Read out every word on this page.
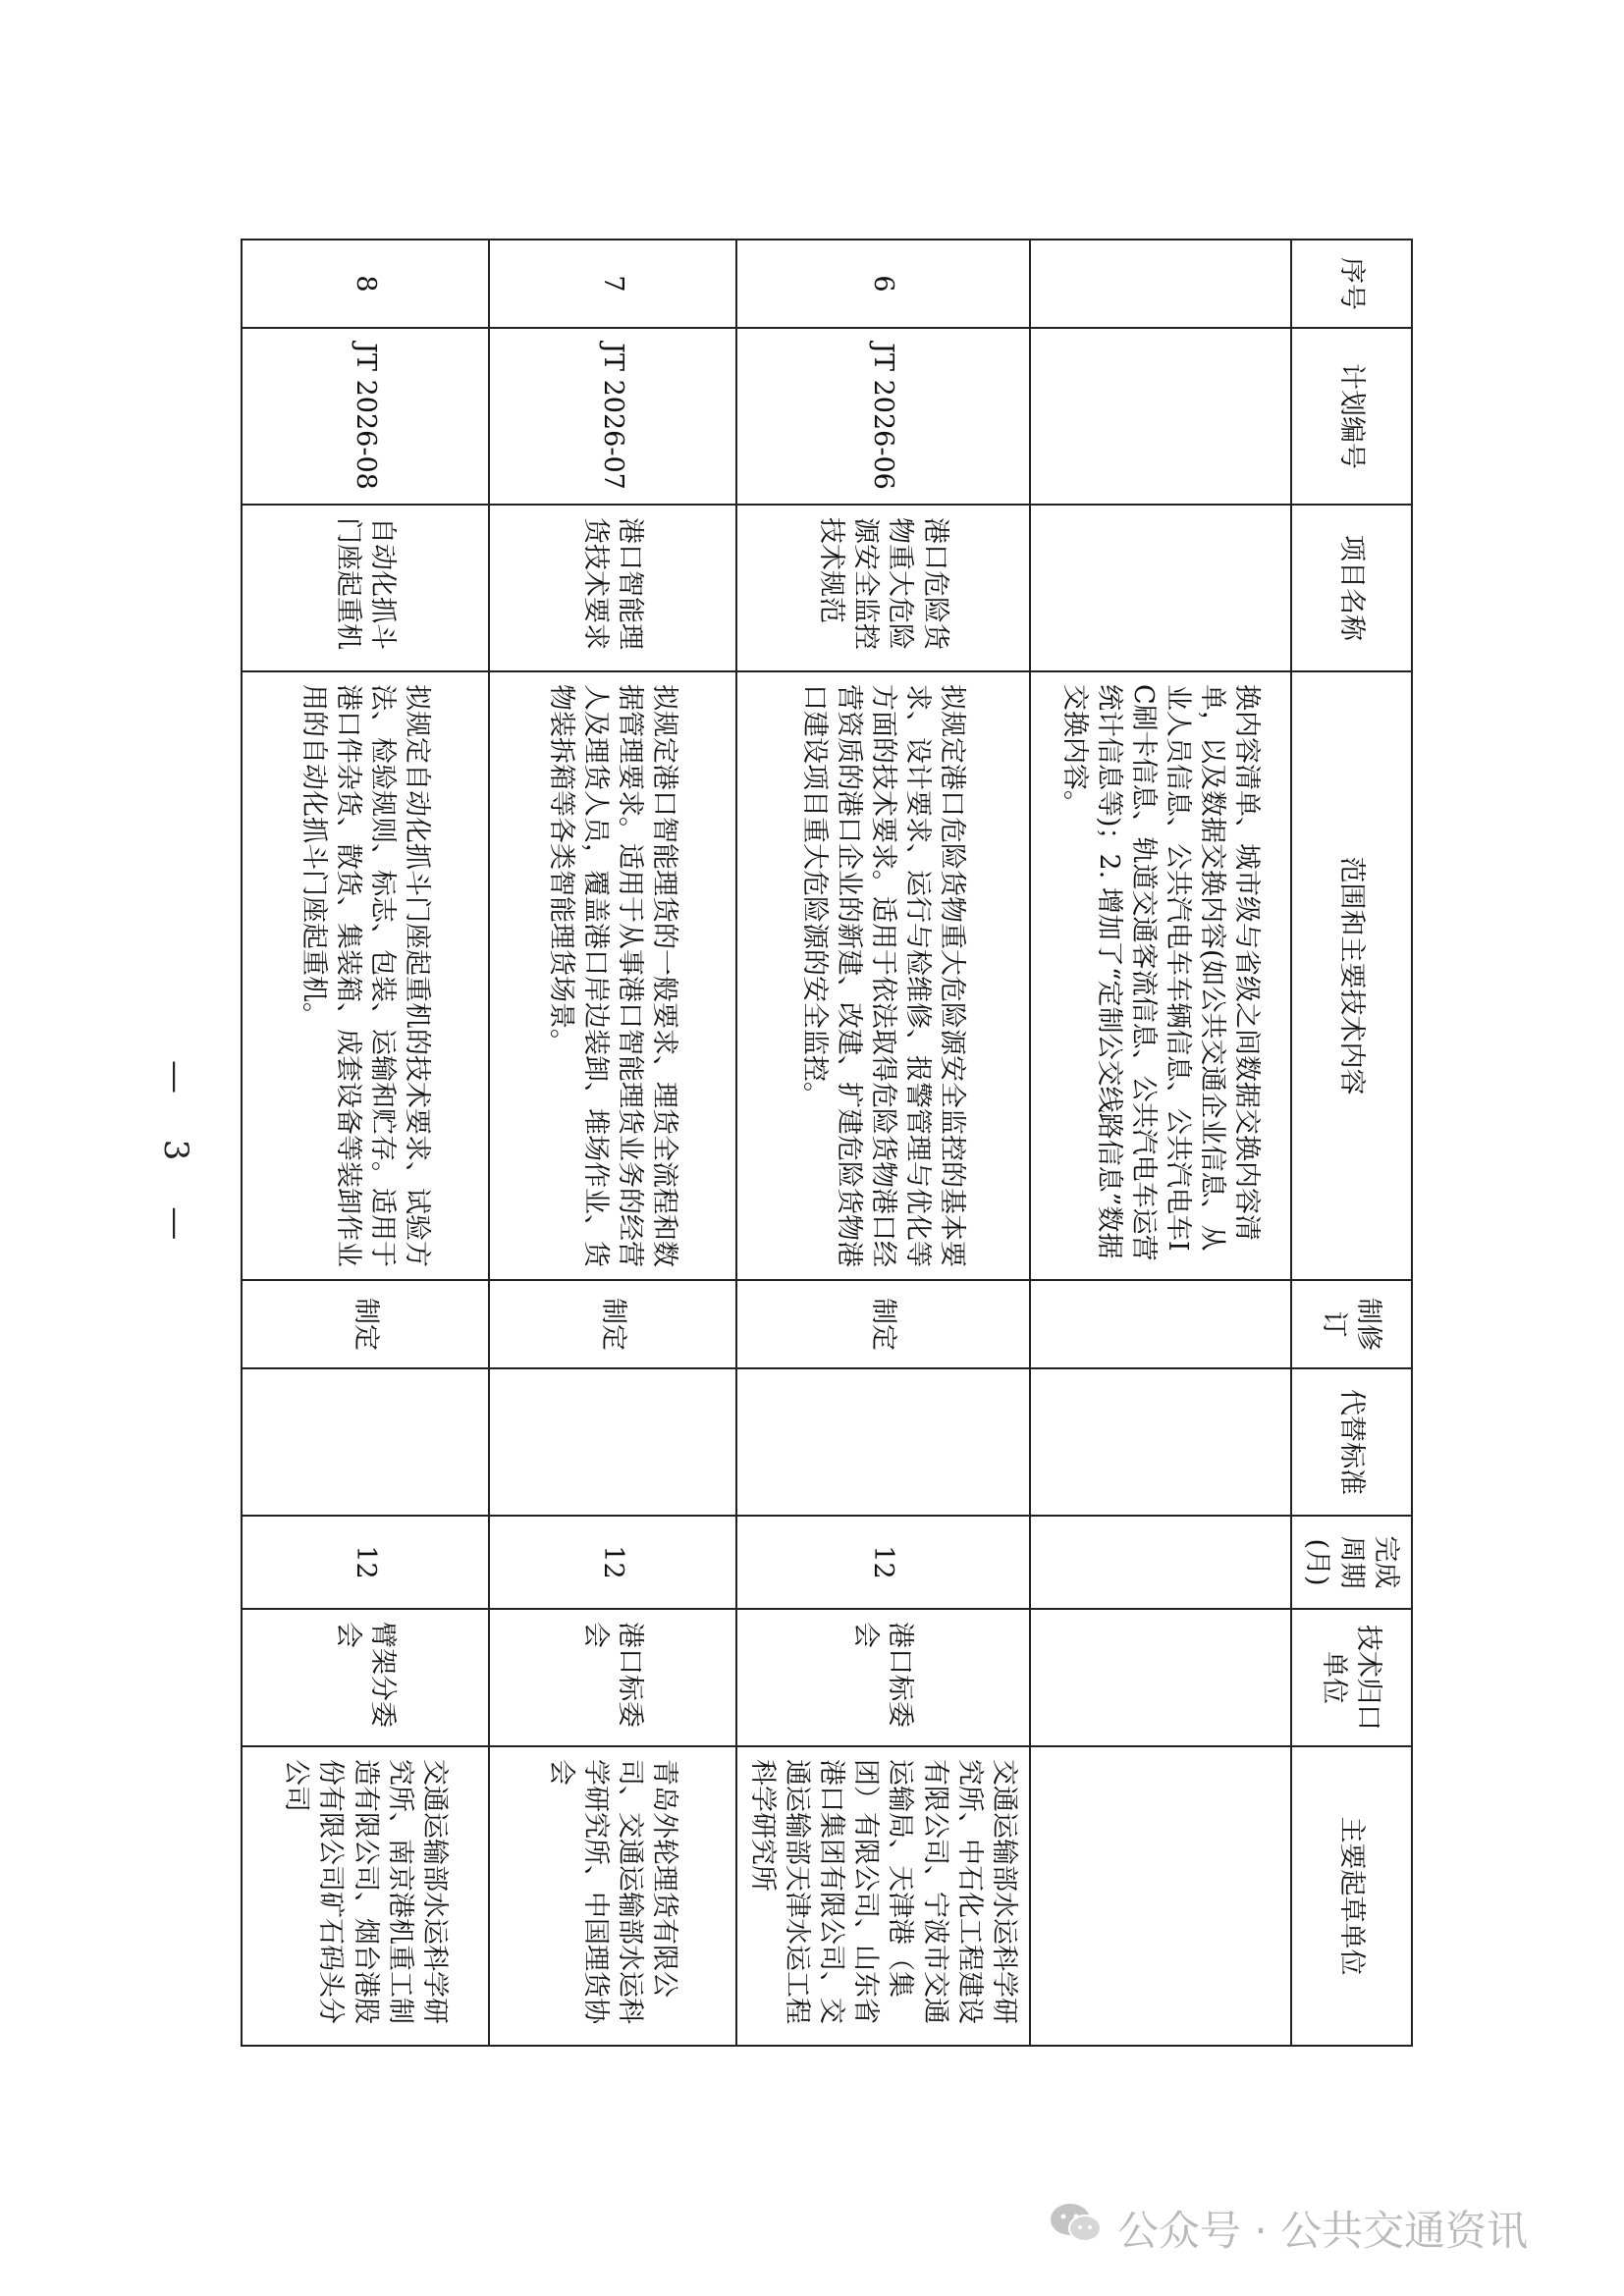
序号	计划编号	项目名称	范围和主要技术内容	制修订	代替标准	完成周期(月)	技术归口单位	主要起草单位
			换内容清单、城市级与省级之间数据交换内容清单，以及数据交换内容(如公共交通企业信息、从业人员信息、公共汽电车车辆信息、公共汽电车IC刷卡信息、轨道交通客流信息、公共汽电车运营统计信息等)；2. 增加了“定制公交线路信息”数据交换内容。					
6	JT 2026-06	港口危险货物重大危险源安全监控技术规范	拟规定港口危险货物重大危险源安全监控的基本要求、设计要求、运行与检维修、报警管理与优化等方面的技术要求。适用于依法取得危险货物港口经营资质的港口企业的新建、改建、扩建危险货物港口建设项目重大危险源的安全监控。	制定		12	港口标委会	交通运输部水运科学研究所、中石化工程建设有限公司、宁波市交通运输局、天津港（集团）有限公司、山东省港口集团有限公司、交通运输部天津水运工程科学研究所
7	JT 2026-07	港口智能理货技术要求	拟规定港口智能理货的一般要求、理货全流程和数据管理要求。适用于从事港口智能理货业务的经营人及理货人员，覆盖港口岸边装卸、堆场作业、货物装拆箱等各类智能理货场景。	制定		12	港口标委会	青岛外轮理货有限公司、交通运输部水运科学研究所、中国理货协会
8	JT 2026-08	自动化抓斗门座起重机	拟规定自动化抓斗门座起重机的技术要求、试验方法、检验规则、标志、包装、运输和贮存。适用于港口件杂货、散货、集装箱、成套设备等装卸作业用的自动化抓斗门座起重机。	制定		12	臂架分委会	交通运输部水运科学研究所、南京港机重工制造有限公司、烟台港股份有限公司矿石码头分公司
— 3 —
公众号 · 公共交通资讯
